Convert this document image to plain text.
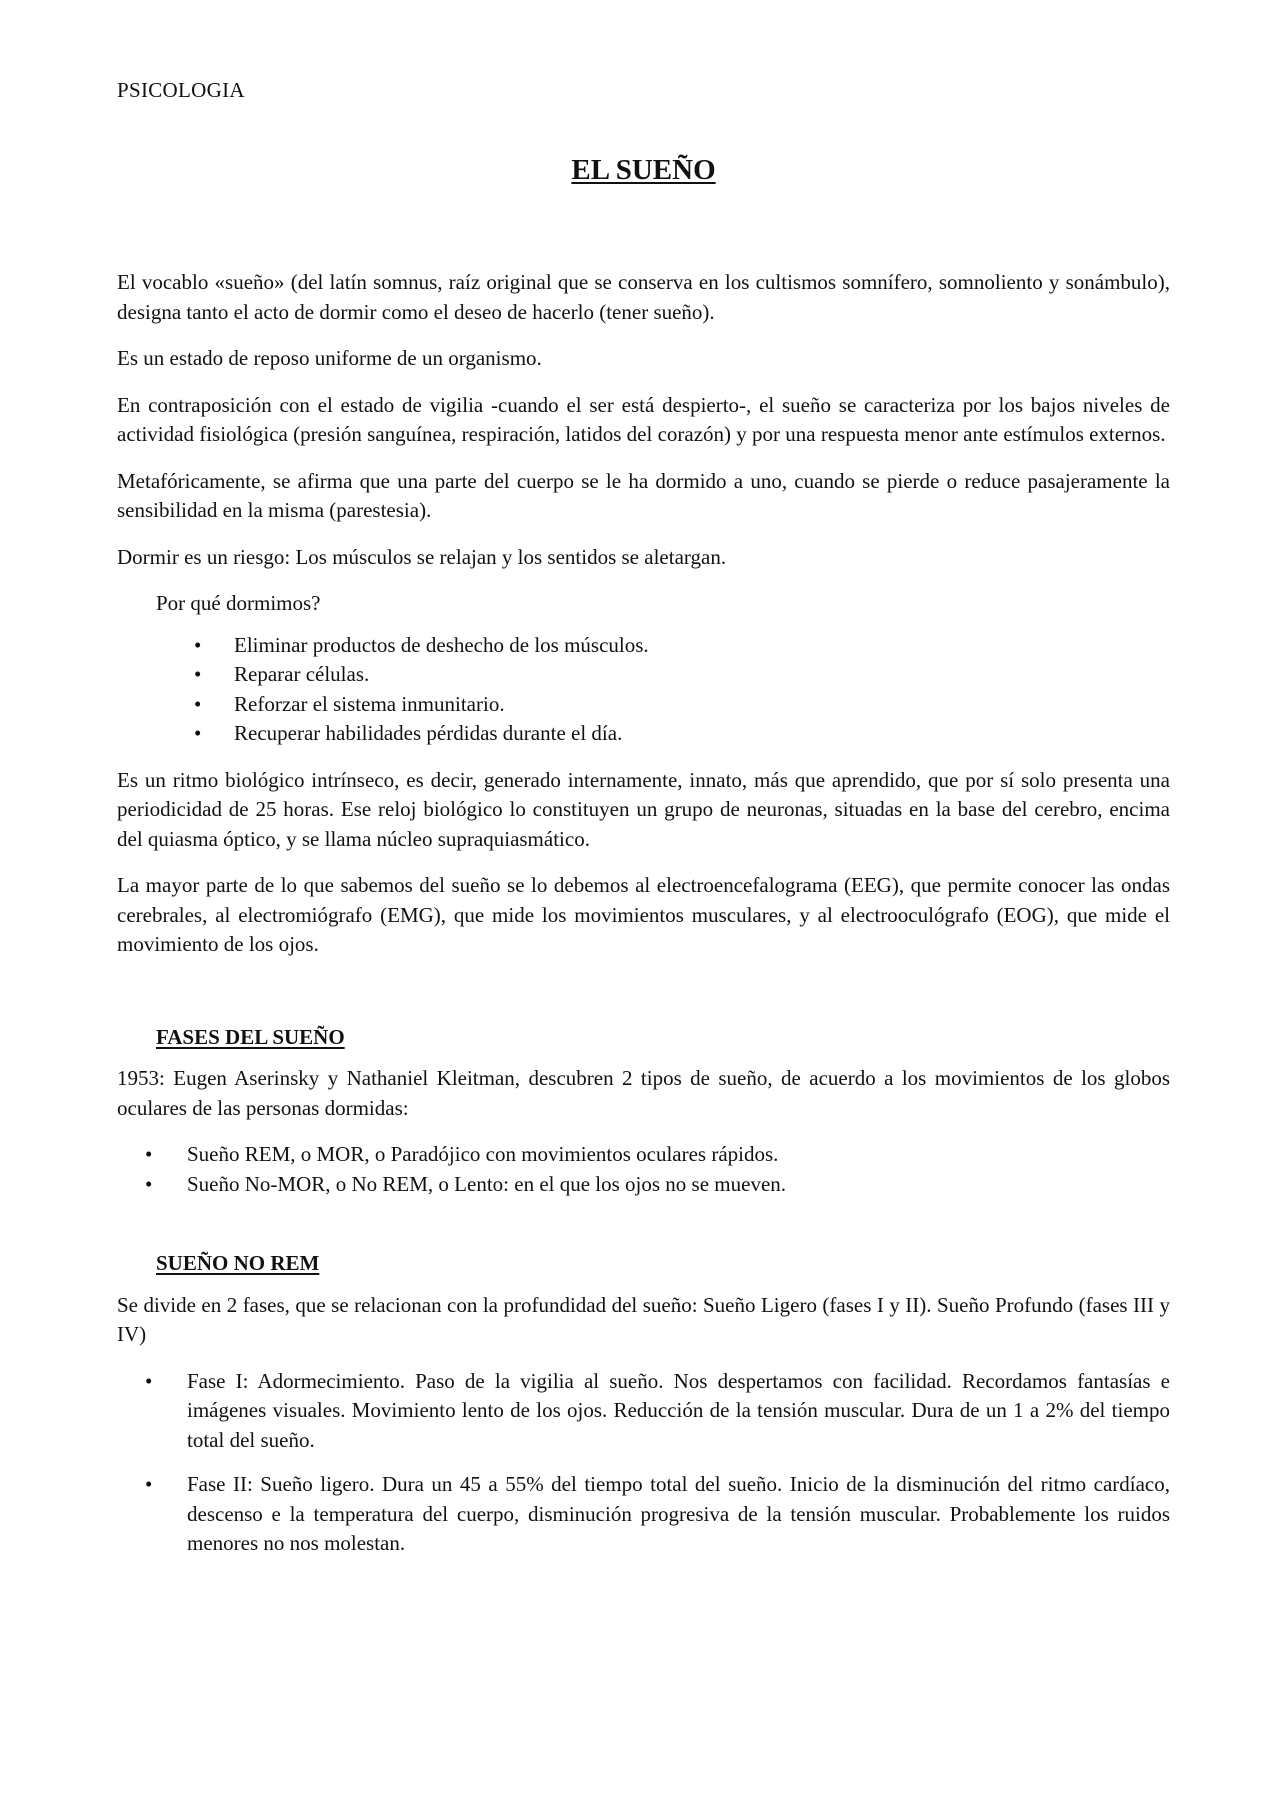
PSICOLOGIA
EL SUEÑO

El vocablo «sueño» (del latín somnus, raíz original que se conserva en los cultismos somnífero, somnoliento y sonámbulo), designa tanto el acto de dormir como el deseo de hacerlo (tener sueño).

Es un estado de reposo uniforme de un organismo.

En contraposición con el estado de vigilia -cuando el ser está despierto-, el sueño se caracteriza por los bajos niveles de actividad fisiológica (presión sanguínea, respiración, latidos del corazón) y por una respuesta menor ante estímulos externos.

Metafóricamente, se afirma que una parte del cuerpo se le ha dormido a uno, cuando se pierde o reduce pasajeramente la sensibilidad en la misma (parestesia).

Dormir es un riesgo: Los músculos se relajan y los sentidos se aletargan.

Por qué dormimos?

• Eliminar productos de deshecho de los músculos.
• Reparar células.
• Reforzar el sistema inmunitario.
• Recuperar habilidades pérdidas durante el día.

Es un ritmo biológico intrínseco, es decir, generado internamente, innato, más que aprendido, que por sí solo presenta una periodicidad de 25 horas. Ese reloj biológico lo constituyen un grupo de neuronas, situadas en la base del cerebro, encima del quiasma óptico, y se llama núcleo supraquiasmático.

La mayor parte de lo que sabemos del sueño se lo debemos al electroencefalograma (EEG), que permite conocer las ondas cerebrales, al electromiógrafo (EMG), que mide los movimientos musculares, y al electrooculógrafo (EOG), que mide el movimiento de los ojos.

FASES DEL SUEÑO

1953: Eugen Aserinsky y Nathaniel Kleitman, descubren 2 tipos de sueño, de acuerdo a los movimientos de los globos oculares de las personas dormidas:

• Sueño REM, o MOR, o Paradójico con movimientos oculares rápidos.
• Sueño No-MOR, o No REM, o Lento: en el que los ojos no se mueven.
SUEÑO NO REM

Se divide en 2 fases, que se relacionan con la profundidad del sueño: Sueño Ligero (fases I y II). Sueño Profundo (fases III y IV)

• Fase I: Adormecimiento. Paso de la vigilia al sueño. Nos despertamos con facilidad. Recordamos fantasías e imágenes visuales. Movimiento lento de los ojos. Reducción de la tensión muscular. Dura de un 1 a 2% del tiempo total del sueño.
• Fase II: Sueño ligero. Dura un 45 a 55% del tiempo total del sueño. Inicio de la disminución del ritmo cardíaco, descenso e la temperatura del cuerpo, disminución progresiva de la tensión muscular. Probablemente los ruidos menores no nos molestan.
